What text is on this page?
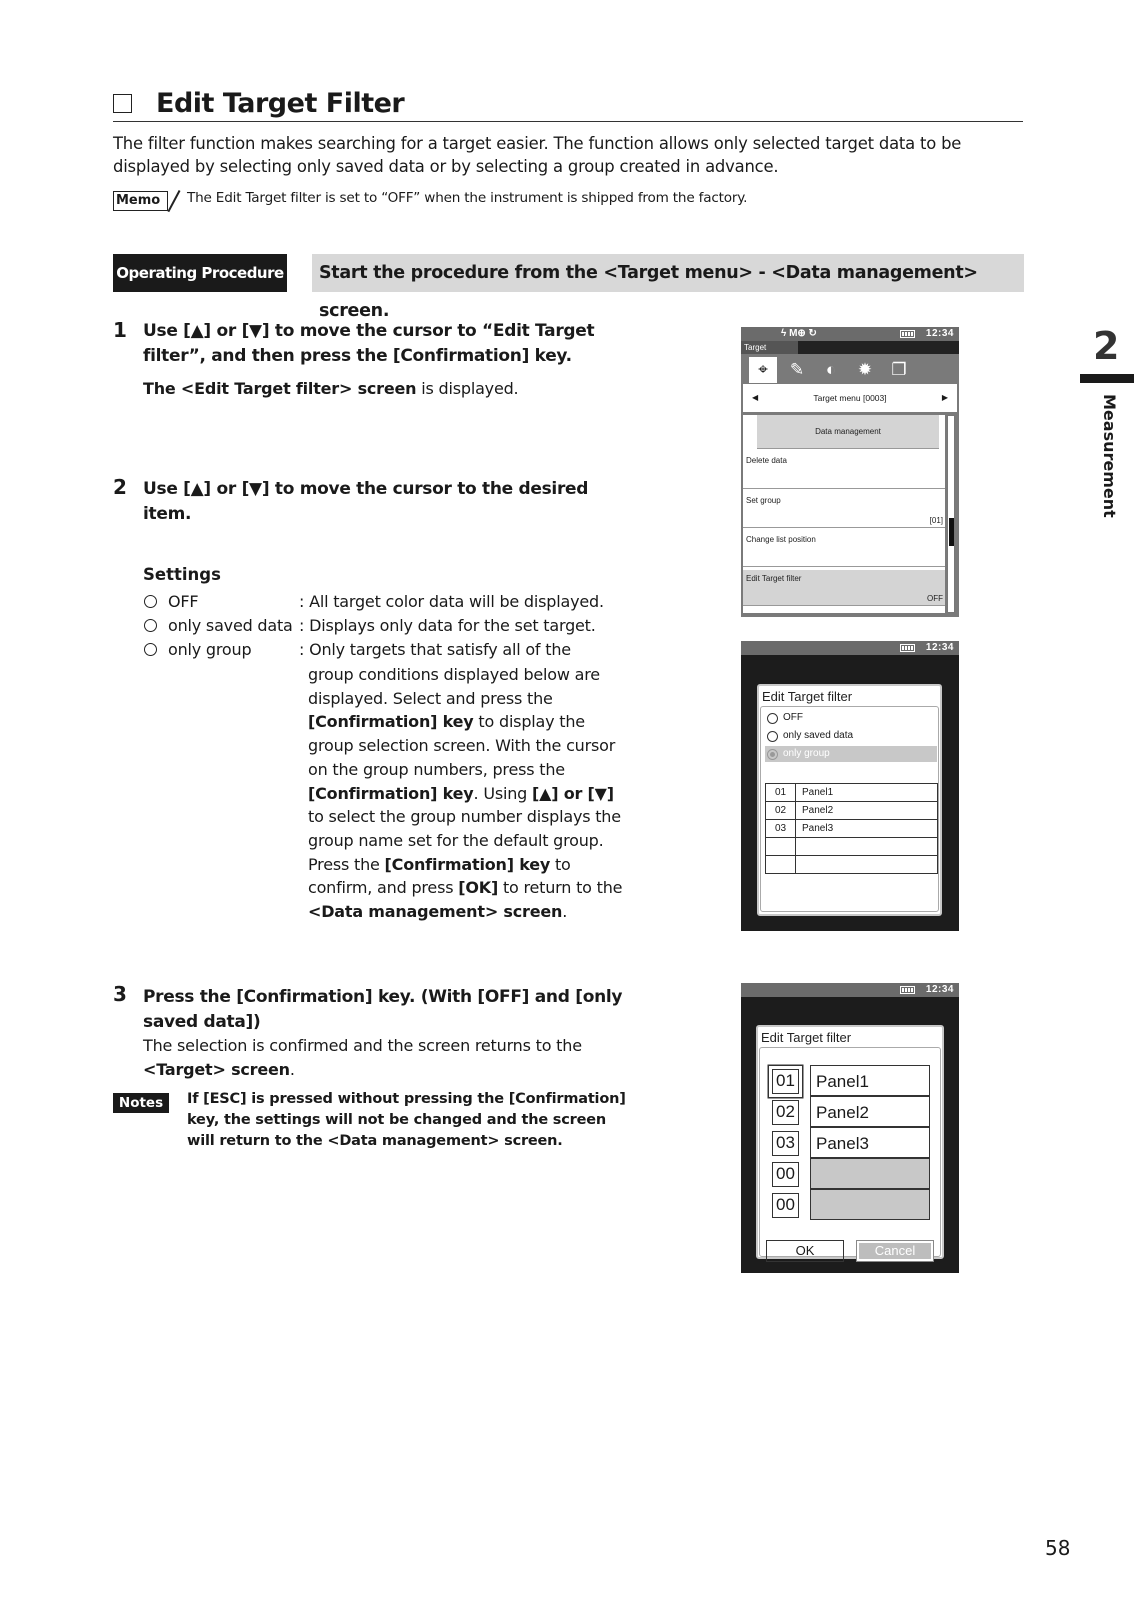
Edit Target Filter
The filter function makes searching for a target easier. The function allows only selected target data to be displayed by selecting only saved data or by selecting a group created in advance.
Memo	The Edit Target filter is set to “OFF” when the instrument is shipped from the factory.
Operating Procedure	Start the procedure from the <Target menu> - <Data management> screen.
1 Use [▲] or [▼] to move the cursor to “Edit Target
filter”, and then press the [Confirmation] key.
The <Edit Target filter> screen is displayed.
2 Use [▲] or [▼] to move the cursor to the desired
item.
Settings
OFF	: All target color data will be displayed.
only saved data : Displays only data for the set target.
only group	: Only targets that satisfy all of the
group conditions displayed below are displayed. Select and press the [Confirmation] key to display the group selection screen. With the cursor on the group numbers, press the [Confirmation] key. Using [▲] or [▼] to select the group number displays the group name set for the default group. Press the [Confirmation] key to confirm, and press [OK] to return to the <Data management> screen.
3 Press the [Confirmation] key. (With [OFF] and [only
saved data])
The selection is confirmed and the screen returns to the
<Target> screen.
Notes	If [ESC] is pressed without pressing the [Confirmation] key, the settings will not be changed and the screen will return to the <Data management> screen.
2
Measurement
58
ϟ M⊕ ↻	12:34
Target
⌖	✎	◐	✹	❐
◀	Target menu [0003]	▶
Data management
Delete data
Set group
[01]
Change list position
Edit Target filter
OFF
12:34
Edit Target filter
OFF
only saved data
only group
01	Panel1
02	Panel2
03	Panel3

12:34
Edit Target filter
01	Panel1
02	Panel2
03	Panel3
00
00
OK	Cancel
